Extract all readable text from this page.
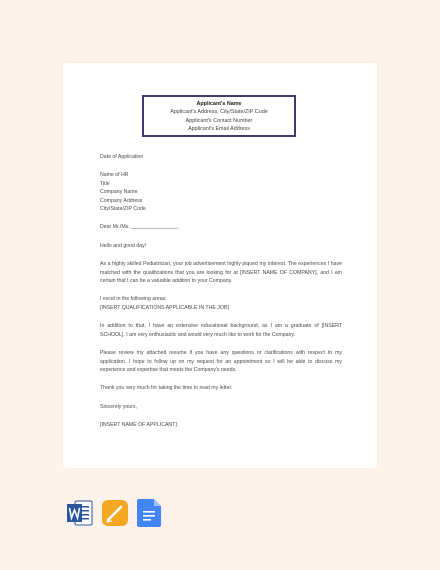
Applicant's Name
Applicant's Address, City/State/ZIP Code
Applicant's Contact Number
Applicant's Email Address

Date of Application

Name of HR
Title
Company Name
Company Address
City/State/ZIP Code

Dear Mr./Ms. ________________,

Hello and good day!

As a highly skilled Pediatrician, your job advertisement highly piqued my interest. The experiences I have matched with the qualifications that you are looking for at [INSERT NAME OF COMPANY], and I am certain that I can be a valuable addition to your Company.

I excel in the following areas:
[INSERT QUALIFICATIONS APPLICABLE IN THE JOB]

In addition to that, I have an extensive educational background, as I am a graduate of [INSERT SCHOOL]. I am very enthusiastic and would very much like to work for the Company.

Please review my attached resume if you have any questions or clarifications with respect to my application. I hope to follow up on my request for an appointment so I will be able to discuss my experience and expertise that meets the Company's needs.

Thank you very much for taking the time to read my letter.

Sincerely yours,

[INSERT NAME OF APPLICANT]
